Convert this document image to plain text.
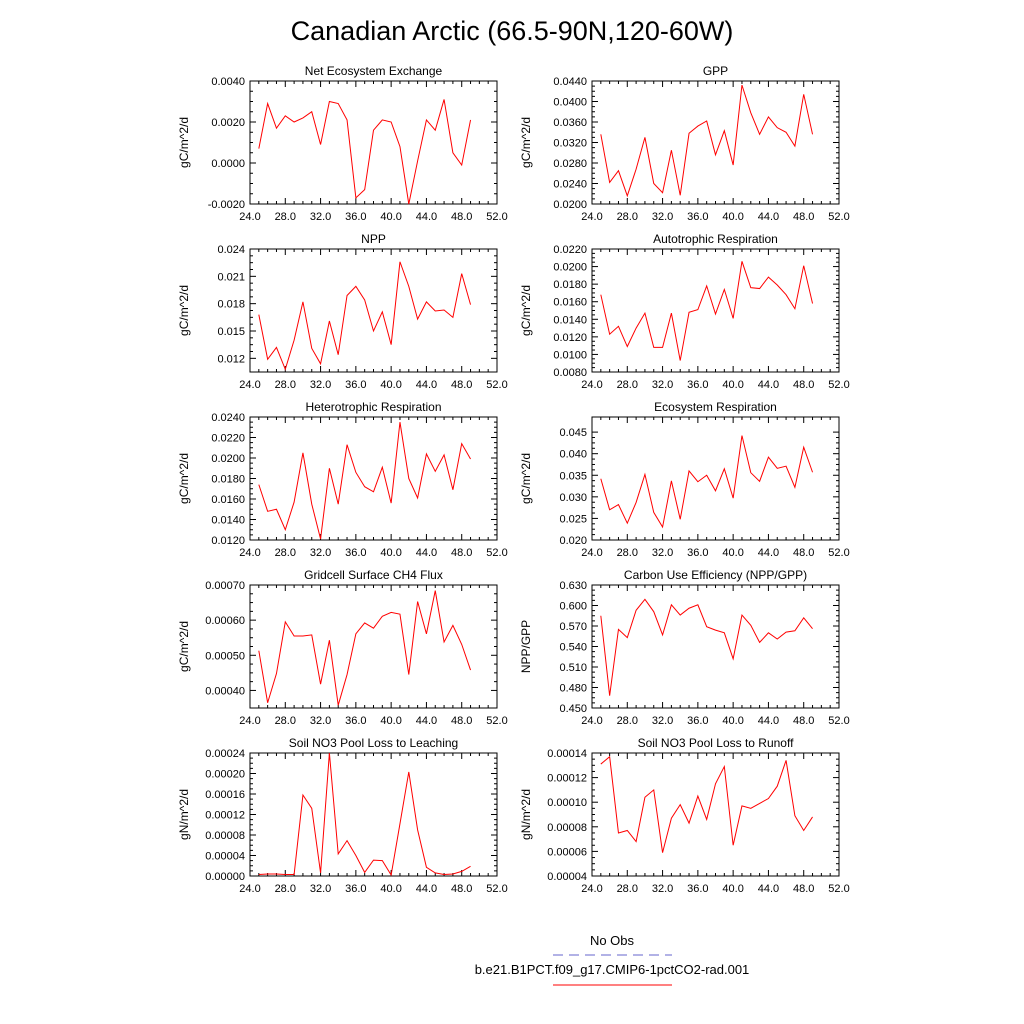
Canadian Arctic (66.5-90N,120-60W)
Net Ecosystem Exchange
gC/m^2/d
24.0 28.0 32.0 36.0 40.0 44.0 48.0 52.0
-0.0020
0.0000
0.0020
0.0040
GPP
gC/m^2/d
24.0 28.0 32.0 36.0 40.0 44.0 48.0 52.0
0.0200
0.0240
0.0280
0.0320
0.0360
0.0400
0.0440
NPP
gC/m^2/d
24.0 28.0 32.0 36.0 40.0 44.0 48.0 52.0
0.012
0.015
0.018
0.021
0.024
Autotrophic Respiration
gC/m^2/d
24.0 28.0 32.0 36.0 40.0 44.0 48.0 52.0
0.0080
0.0100
0.0120
0.0140
0.0160
0.0180
0.0200
0.0220
Heterotrophic Respiration
gC/m^2/d
24.0 28.0 32.0 36.0 40.0 44.0 48.0 52.0
0.0120
0.0140
0.0160
0.0180
0.0200
0.0220
0.0240
Ecosystem Respiration
gC/m^2/d
24.0 28.0 32.0 36.0 40.0 44.0 48.0 52.0
0.020
0.025
0.030
0.035
0.040
0.045
Gridcell Surface CH4 Flux
gC/m^2/d
24.0 28.0 32.0 36.0 40.0 44.0 48.0 52.0
0.00040
0.00050
0.00060
0.00070
Carbon Use Efficiency (NPP/GPP)
NPP/GPP
24.0 28.0 32.0 36.0 40.0 44.0 48.0 52.0
0.450
0.480
0.510
0.540
0.570
0.600
0.630
Soil NO3 Pool Loss to Leaching
gN/m^2/d
24.0 28.0 32.0 36.0 40.0 44.0 48.0 52.0
0.00000
0.00004
0.00008
0.00012
0.00016
0.00020
0.00024
Soil NO3 Pool Loss to Runoff
gN/m^2/d
24.0 28.0 32.0 36.0 40.0 44.0 48.0 52.0
0.00004
0.00006
0.00008
0.00010
0.00012
0.00014
No Obs
b.e21.B1PCT.f09_g17.CMIP6-1pctCO2-rad.001
